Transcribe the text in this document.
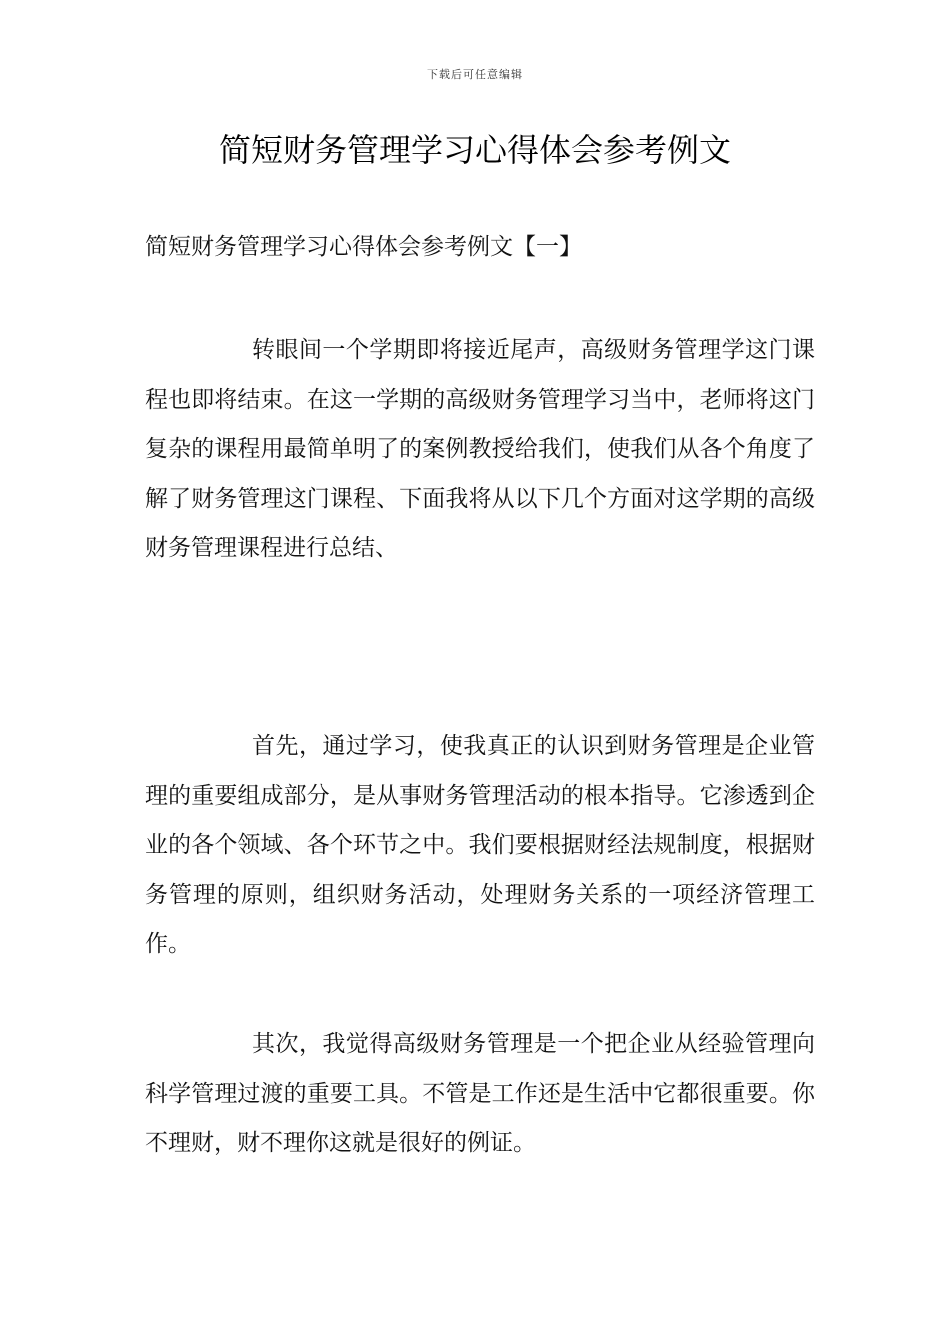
下载后可任意编辑
简短财务管理学习心得体会参考例文
简短财务管理学习心得体会参考例文【一】

转眼间一个学期即将接近尾声，高级财务管理学这门课程也即将结束。在这一学期的高级财务管理学习当中，老师将这门复杂的课程用最简单明了的案例教授给我们，使我们从各个角度了解了财务管理这门课程、下面我将从以下几个方面对这学期的高级财务管理课程进行总结、

首先，通过学习，使我真正的认识到财务管理是企业管理的重要组成部分，是从事财务管理活动的根本指导。它渗透到企业的各个领域、各个环节之中。我们要根据财经法规制度，根据财务管理的原则，组织财务活动，处理财务关系的一项经济管理工作。

其次，我觉得高级财务管理是一个把企业从经验管理向科学管理过渡的重要工具。不管是工作还是生活中它都很重要。你不理财，财不理你这就是很好的例证。
